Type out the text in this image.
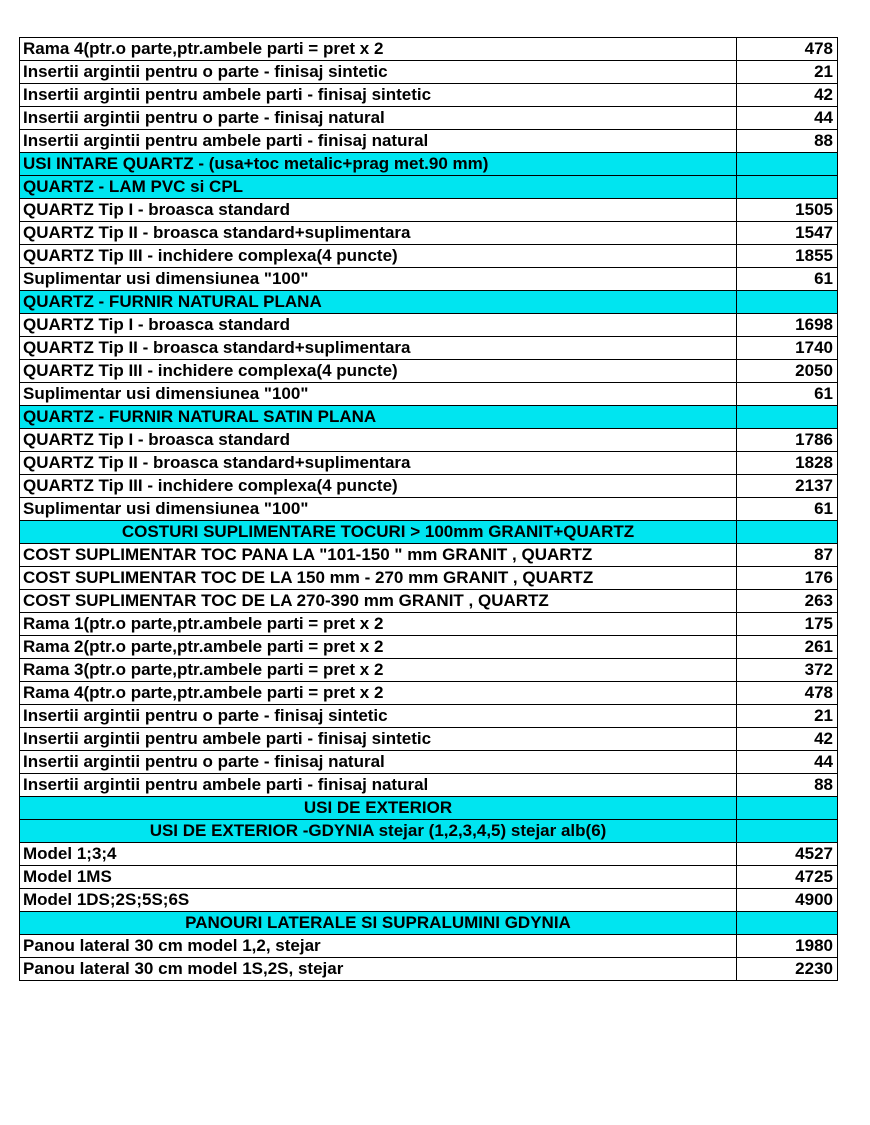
Rama 4(ptr.o parte,ptr.ambele parti = pret x 2	478
Insertii argintii pentru o parte - finisaj sintetic	21
Insertii argintii pentru ambele parti - finisaj sintetic	42
Insertii argintii pentru o parte - finisaj natural	44
Insertii argintii pentru ambele parti - finisaj natural	88
USI INTARE QUARTZ - (usa+toc metalic+prag met.90 mm)	
QUARTZ - LAM PVC si CPL	
QUARTZ Tip I - broasca standard	1505
QUARTZ Tip II - broasca standard+suplimentara	1547
QUARTZ Tip III - inchidere complexa(4 puncte)	1855
Suplimentar usi dimensiunea "100"	61
QUARTZ - FURNIR NATURAL PLANA	
QUARTZ Tip I - broasca standard	1698
QUARTZ Tip II - broasca standard+suplimentara	1740
QUARTZ Tip III - inchidere complexa(4 puncte)	2050
Suplimentar usi dimensiunea "100"	61
QUARTZ - FURNIR NATURAL SATIN PLANA	
QUARTZ Tip I - broasca standard	1786
QUARTZ Tip II - broasca standard+suplimentara	1828
QUARTZ Tip III - inchidere complexa(4 puncte)	2137
Suplimentar usi dimensiunea "100"	61
COSTURI SUPLIMENTARE TOCURI > 100mm GRANIT+QUARTZ	
COST SUPLIMENTAR TOC PANA LA "101-150 " mm GRANIT , QUARTZ	87
COST SUPLIMENTAR TOC DE LA 150 mm - 270 mm GRANIT , QUARTZ	176
COST SUPLIMENTAR TOC DE LA 270-390 mm GRANIT , QUARTZ	263
Rama 1(ptr.o parte,ptr.ambele parti = pret x 2	175
Rama 2(ptr.o parte,ptr.ambele parti = pret x 2	261
Rama 3(ptr.o parte,ptr.ambele parti = pret x 2	372
Rama 4(ptr.o parte,ptr.ambele parti = pret x 2	478
Insertii argintii pentru o parte - finisaj sintetic	21
Insertii argintii pentru ambele parti - finisaj sintetic	42
Insertii argintii pentru o parte - finisaj natural	44
Insertii argintii pentru ambele parti - finisaj natural	88
USI DE EXTERIOR	
USI DE EXTERIOR -GDYNIA stejar (1,2,3,4,5) stejar alb(6)	
Model 1;3;4	4527
Model 1MS	4725
Model 1DS;2S;5S;6S	4900
PANOURI LATERALE SI SUPRALUMINI GDYNIA	
Panou lateral 30 cm model 1,2, stejar	1980
Panou lateral 30 cm model 1S,2S, stejar	2230
